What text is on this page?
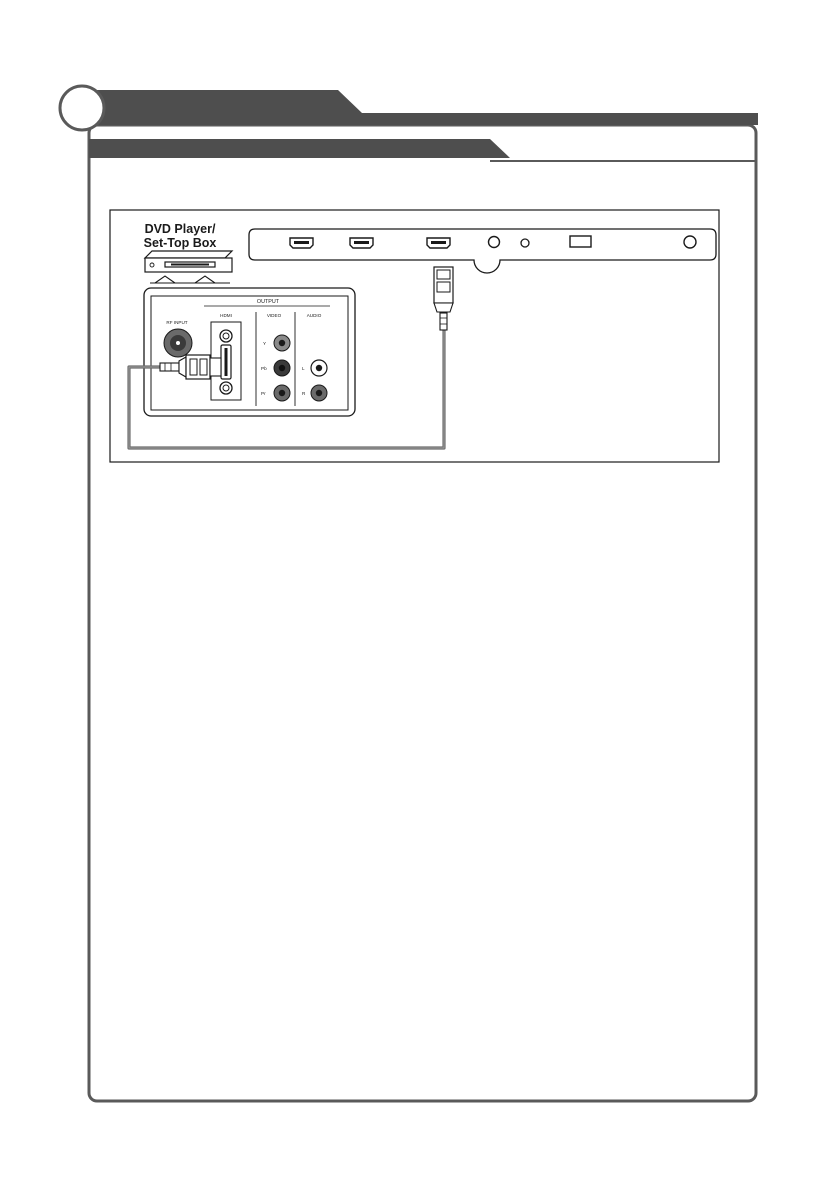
DVD Player/
Set-Top Box
OUTPUT
RF INPUT
HDMI	VIDEO	AUDIO
Y
Pb
Pr
L
R
